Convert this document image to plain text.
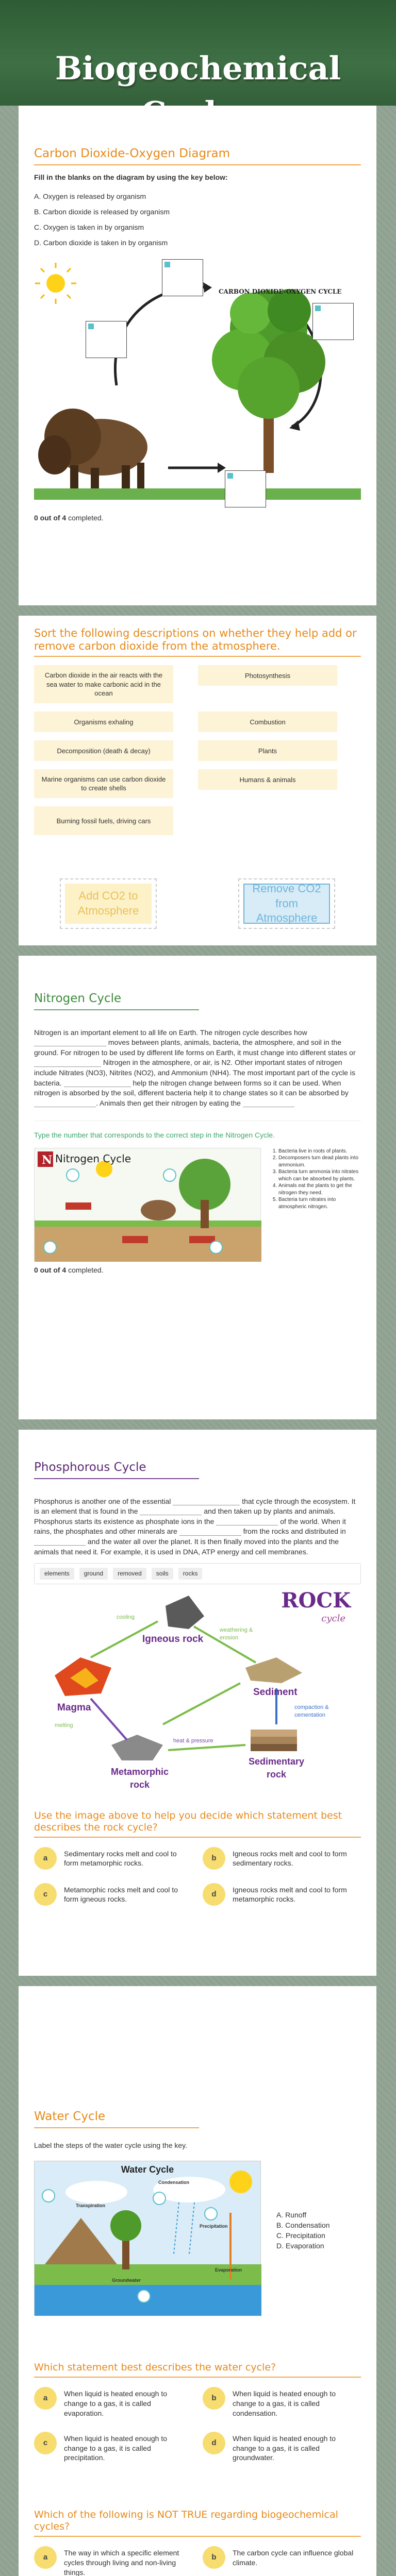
Biogeochemical
Carbon Dioxide-Oxygen Diagram
Fill in the blanks on the diagram by using the key below:
A. Oxygen is released by organism
B. Carbon dioxide is released by organism
C. Oxygen is taken in by organism
D. Carbon dioxide is taken in by organism
CARBON DIOXIDE-OXYGEN CYCLE
0 out of 4 completed.
Sort the following descriptions on whether they help add or remove carbon dioxide from the atmosphere.
Carbon dioxide in the air reacts with the sea water to make carbonic acid in the ocean
Photosynthesis
Organisms exhaling	Combustion
Decomposition (death & decay)	Plants
Marine organisms can use carbon dioxide to create shells
Humans & animals
Burning fossil fuels, driving cars
Add CO2 to Atmosphere
Remove CO2 from Atmosphere
Nitrogen Cycle

Nitrogen is an important element to all life on Earth. The nitrogen cycle describes how  moves between plants, animals, bacteria, the atmosphere, and soil in the ground. For nitrogen to be used by different life forms on Earth, it must change into different states or  Nitrogen in the atmosphere, or air, is N2. Other important states of nitrogen include Nitrates (NO3), Nitrites (NO2), and Ammonium (NH4). The most important part of the cycle is bacteria.	help the nitrogen change between forms so it can be used. When nitrogen is absorbed by the soil, different bacteria help it to change states so it can be absorbed by . Animals then get their nitrogen by eating the

Type the number that corresponds to the correct step in the Nitrogen Cycle.
N Nitrogen Cycle
1. Bacteria live in roots of plants.
2. Decomposers turn dead plants into ammonium.
3. Bacteria turn ammonia into nitrates which can be absorbed by plants.
4. Animals eat the plants to get the nitrogen they need.
5. Bacteria turn nitrates into atmospheric nitrogen.
0 out of 4 completed.
Phosphorous Cycle

Phosphorus is another one of the essential	that cycle through the ecosystem. It is an element that is found in the	and then taken up by plants and animals. Phosphorus starts its existence as phosphate ions in the	of the world. When it rains, the phosphates and other minerals are	from the rocks and distributed in  and the water all over the planet. It is then finally moved into the plants and the animals that need it. For example, it is used in DNA, ATP energy and cell membranes.

elements	ground	removed	soils	rocks
ROCK
cycle
Igneous rock
Magma
Sediment
Metamorphic rock
Sedimentary rock
melting
cooling
weathering & erosion
heat & pressure
compaction & cementation
Use the image above to help you decide which statement best describes the rock cycle?
a
Sedimentary rocks melt and cool to form metamorphic rocks.
b
Igneous rocks melt and cool to form sedimentary rocks.
c
Metamorphic rocks melt and cool to form igneous rocks.
d
Igneous rocks melt and cool to form metamorphic rocks.
Water Cycle

Label the steps of the water cycle using the key.

Water Cycle
Transpiration
Condensation
Precipitation
Evaporation
Groundwater
A. Runoff
B. Condensation
C. Precipitation
D. Evaporation
Which statement best describes the water cycle?
a
When liquid is heated enough to change to a gas, it is called evaporation.
b
When liquid is heated enough to change to a gas, it is called condensation.
c
When liquid is heated enough to change to a gas, it is called precipitation.
d
When liquid is heated enough to change to a gas, it is called groundwater.
Which of the following is NOT TRUE regarding biogeochemical cycles?
a
The way in which a specific element cycles through living and non-living things.
b
The carbon cycle can influence global climate.
